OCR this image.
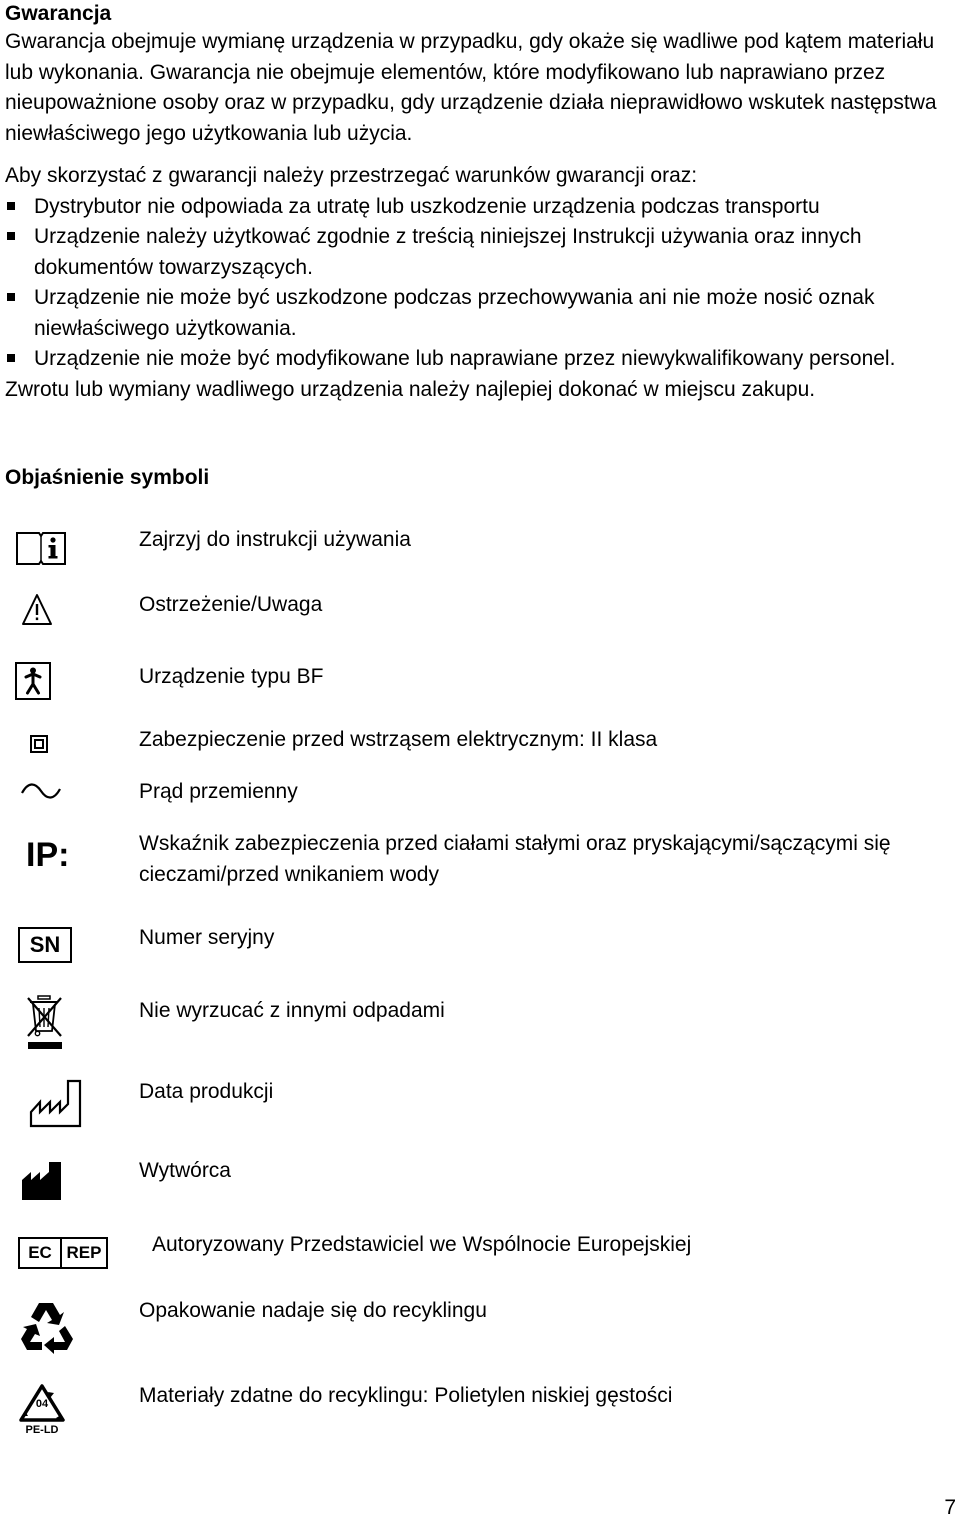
Gwarancja

Gwarancja obejmuje wymianę urządzenia w przypadku, gdy okaże się wadliwe pod kątem materiału lub wykonania. Gwarancja nie obejmuje elementów, które modyfikowano lub naprawiano przez nieupoważnione osoby oraz w przypadku, gdy urządzenie działa nieprawidłowo wskutek następstwa niewłaściwego jego użytkowania lub użycia.

Aby skorzystać z gwarancji należy przestrzegać warunków gwarancji oraz:

Dystrybutor nie odpowiada za utratę lub uszkodzenie urządzenia podczas transportu
Urządzenie należy użytkować zgodnie z treścią niniejszej Instrukcji używania oraz innych dokumentów towarzyszących.
Urządzenie nie może być uszkodzone podczas przechowywania ani nie może nosić oznak niewłaściwego użytkowania.
Urządzenie nie może być modyfikowane lub naprawiane przez niewykwalifikowany personel.

Zwrotu lub wymiany wadliwego urządzenia należy najlepiej dokonać w miejscu zakupu.

Objaśnienie symboli

Zajrzyj do instrukcji używania
Ostrzeżenie/Uwaga
Urządzenie typu BF
Zabezpieczenie przed wstrząsem elektrycznym: II klasa
Prąd przemienny
IP:	Wskaźnik zabezpieczenia przed ciałami stałymi oraz pryskającymi/sączącymi się cieczami/przed wnikaniem wody
SN	Numer seryjny
Nie wyrzucać z innymi odpadami
Data produkcji
Wytwórca
EC REP Autoryzowany Przedstawiciel we Wspólnocie Europejskiej
Opakowanie nadaje się do recyklingu
04
PE-LD
Materiały zdatne do recyklingu: Polietylen niskiej gęstości
7
